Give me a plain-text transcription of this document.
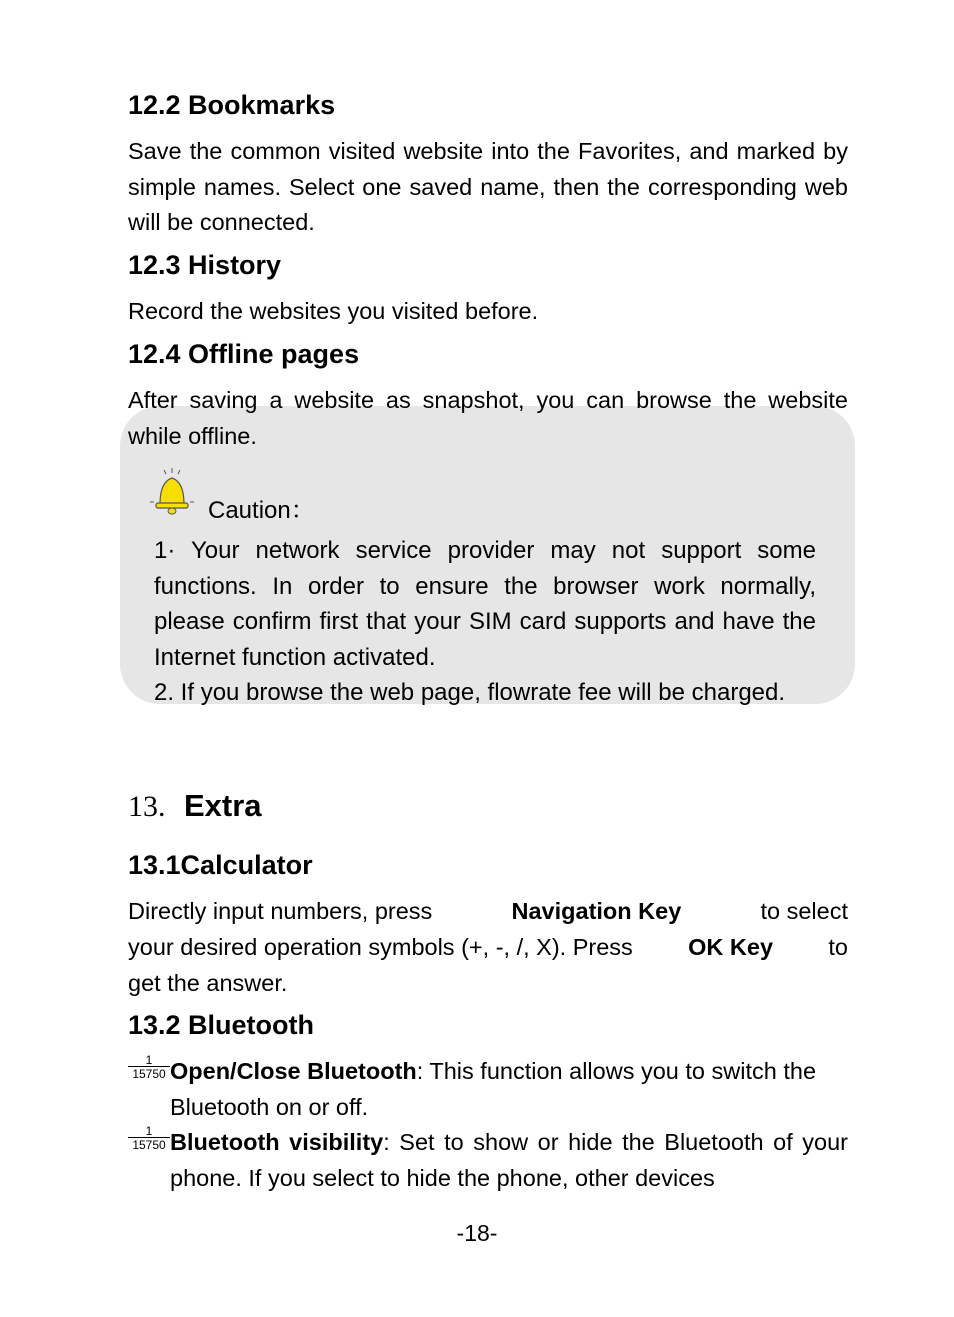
12.2 Bookmarks
Save the common visited website into the Favorites, and marked by simple names. Select one saved name, then the corresponding web will be connected.
12.3 History
Record the websites you visited before.
12.4 Offline pages
After saving a website as snapshot, you can browse the website while offline.
Caution：
1· Your network service provider may not support some functions. In order to ensure the browser work normally, please confirm first that your SIM card supports and have the Internet function activated.
2. If you browse the web page, flowrate fee will be charged.
13. Extra
13.1Calculator
Directly input numbers, press	Navigation Key	to select
your desired operation symbols (+, -, /, X). Press OK Key to
get the answer.
13.2 Bluetooth
1
15750 Open/Close Bluetooth: This function allows you to switch the Bluetooth on or off.
1
15750 Bluetooth visibility: Set to show or hide the Bluetooth of your phone. If you select to hide the phone, other devices
-18-
